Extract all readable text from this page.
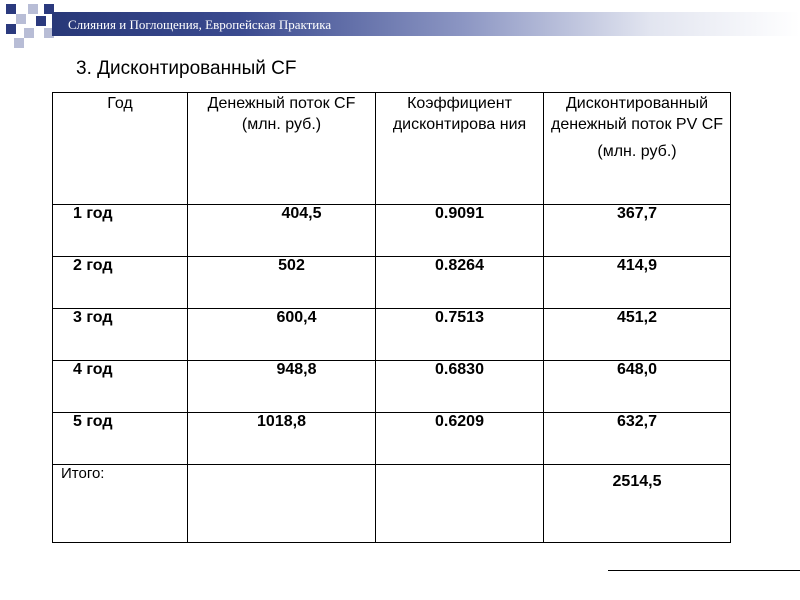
Слияния и Поглощения, Европейская Практика
3. Дисконтированный CF
Год	Денежный поток CF (млн. руб.)	Коэффициент дисконтирова ния	Дисконтированный денежный поток PV CF
(млн. руб.)

1 год	404,5	0.9091	367,7
2 год	502	0.8264	414,9
3 год	600,4	0.7513	451,2
4 год	948,8	0.6830	648,0
5 год	1018,8	0.6209	632,7
Итого:			2514,5
